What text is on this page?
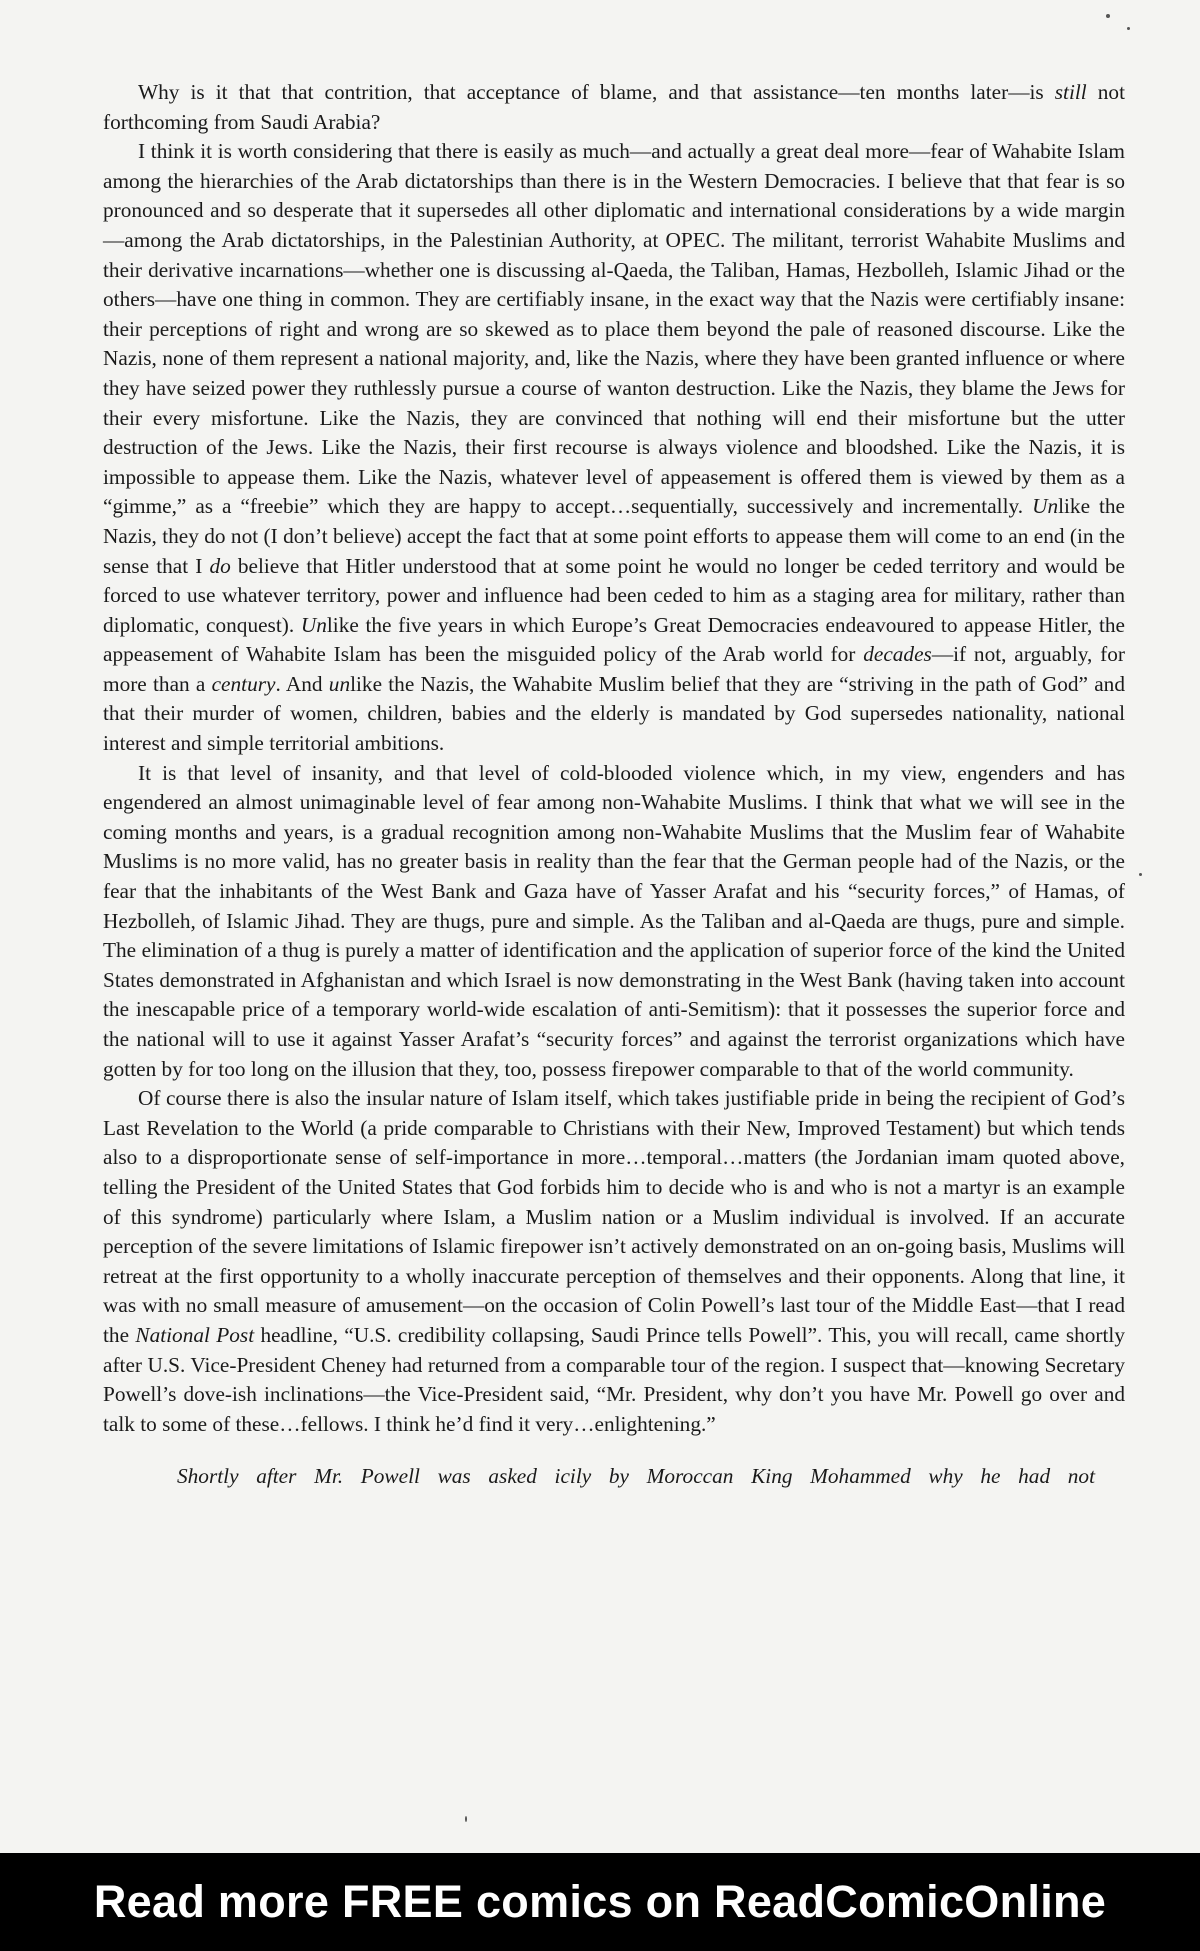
Why is it that that contrition, that acceptance of blame, and that assistance—ten months later—is still not forthcoming from Saudi Arabia?

I think it is worth considering that there is easily as much—and actually a great deal more—fear of Wahabite Islam among the hierarchies of the Arab dictatorships than there is in the Western Democracies. I believe that that fear is so pronounced and so desperate that it supersedes all other diplomatic and international considerations by a wide margin—among the Arab dictatorships, in the Palestinian Authority, at OPEC. The militant, terrorist Wahabite Muslims and their derivative incarnations—whether one is discussing al-Qaeda, the Taliban, Hamas, Hezbolleh, Islamic Jihad or the others—have one thing in common. They are certifiably insane, in the exact way that the Nazis were certifiably insane: their perceptions of right and wrong are so skewed as to place them beyond the pale of reasoned discourse. Like the Nazis, none of them represent a national majority, and, like the Nazis, where they have been granted influence or where they have seized power they ruthlessly pursue a course of wanton destruction. Like the Nazis, they blame the Jews for their every misfortune. Like the Nazis, they are convinced that nothing will end their misfortune but the utter destruction of the Jews. Like the Nazis, their first recourse is always violence and bloodshed. Like the Nazis, it is impossible to appease them. Like the Nazis, whatever level of appeasement is offered them is viewed by them as a “gimme,” as a “freebie” which they are happy to accept…sequentially, successively and incrementally. Unlike the Nazis, they do not (I don’t believe) accept the fact that at some point efforts to appease them will come to an end (in the sense that I do believe that Hitler understood that at some point he would no longer be ceded territory and would be forced to use whatever territory, power and influence had been ceded to him as a staging area for military, rather than diplomatic, conquest). Unlike the five years in which Europe’s Great Democracies endeavoured to appease Hitler, the appeasement of Wahabite Islam has been the misguided policy of the Arab world for decades—if not, arguably, for more than a century. And unlike the Nazis, the Wahabite Muslim belief that they are “striving in the path of God” and that their murder of women, children, babies and the elderly is mandated by God supersedes nationality, national interest and simple territorial ambitions.

It is that level of insanity, and that level of cold-blooded violence which, in my view, engenders and has engendered an almost unimaginable level of fear among non-Wahabite Muslims. I think that what we will see in the coming months and years, is a gradual recognition among non-Wahabite Muslims that the Muslim fear of Wahabite Muslims is no more valid, has no greater basis in reality than the fear that the German people had of the Nazis, or the fear that the inhabitants of the West Bank and Gaza have of Yasser Arafat and his “security forces,” of Hamas, of Hezbolleh, of Islamic Jihad. They are thugs, pure and simple. As the Taliban and al-Qaeda are thugs, pure and simple. The elimination of a thug is purely a matter of identification and the application of superior force of the kind the United States demonstrated in Afghanistan and which Israel is now demonstrating in the West Bank (having taken into account the inescapable price of a temporary world-wide escalation of anti-Semitism): that it possesses the superior force and the national will to use it against Yasser Arafat’s “security forces” and against the terrorist organizations which have gotten by for too long on the illusion that they, too, possess firepower comparable to that of the world community.

Of course there is also the insular nature of Islam itself, which takes justifiable pride in being the recipient of God’s Last Revelation to the World (a pride comparable to Christians with their New, Improved Testament) but which tends also to a disproportionate sense of self-importance in more…temporal…matters (the Jordanian imam quoted above, telling the President of the United States that God forbids him to decide who is and who is not a martyr is an example of this syndrome) particularly where Islam, a Muslim nation or a Muslim individual is involved. If an accurate perception of the severe limitations of Islamic firepower isn’t actively demonstrated on an on-going basis, Muslims will retreat at the first opportunity to a wholly inaccurate perception of themselves and their opponents. Along that line, it was with no small measure of amusement—on the occasion of Colin Powell’s last tour of the Middle East—that I read the National Post headline, “U.S. credibility collapsing, Saudi Prince tells Powell”. This, you will recall, came shortly after U.S. Vice-President Cheney had returned from a comparable tour of the region. I suspect that—knowing Secretary Powell’s dove-ish inclinations—the Vice-President said, “Mr. President, why don’t you have Mr. Powell go over and talk to some of these…fellows. I think he’d find it very…enlightening.”

Shortly after Mr. Powell was asked icily by Moroccan King Mohammed why he had not

Read more FREE comics on ReadComicOnline
